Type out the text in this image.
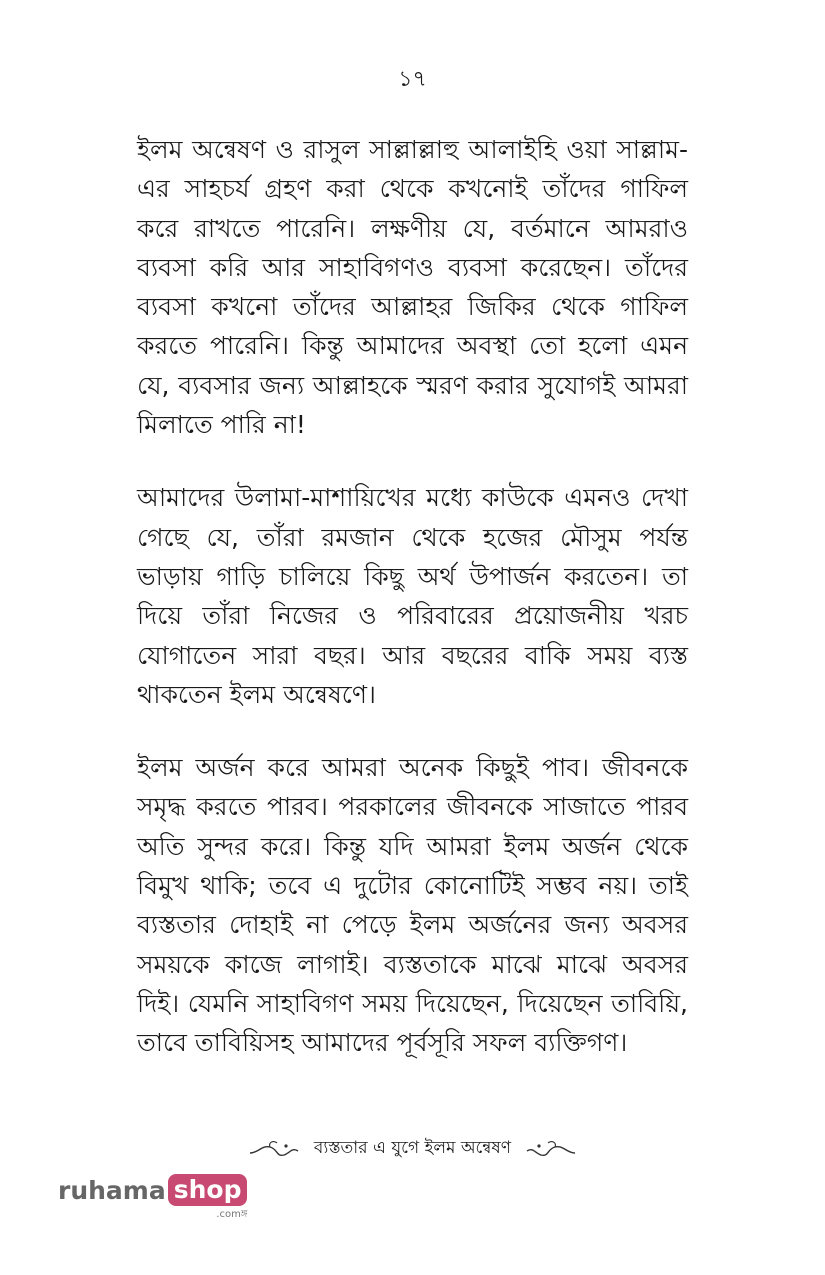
১৭

ইলম অন্বেষণ ও রাসুল সাল্লাল্লাহু আলাইহি ওয়া সাল্লাম-এর সাহচর্য গ্রহণ করা থেকে কখনোই তাঁদের গাফিল করে রাখতে পারেনি। লক্ষণীয় যে, বর্তমানে আমরাও ব্যবসা করি আর সাহাবিগণও ব্যবসা করেছেন। তাঁদের ব্যবসা কখনো তাঁদের আল্লাহর জিকির থেকে গাফিল করতে পারেনি। কিন্তু আমাদের অবস্থা তো হলো এমন যে, ব্যবসার জন্য আল্লাহকে স্মরণ করার সুযোগই আমরা মিলাতে পারি না!

আমাদের উলামা-মাশায়িখের মধ্যে কাউকে এমনও দেখা গেছে যে, তাঁরা রমজান থেকে হজের মৌসুম পর্যন্ত ভাড়ায় গাড়ি চালিয়ে কিছু অর্থ উপার্জন করতেন। তা দিয়ে তাঁরা নিজের ও পরিবারের প্রয়োজনীয় খরচ যোগাতেন সারা বছর। আর বছরের বাকি সময় ব্যস্ত থাকতেন ইলম অন্বেষণে।

ইলম অর্জন করে আমরা অনেক কিছুই পাব। জীবনকে সমৃদ্ধ করতে পারব। পরকালের জীবনকে সাজাতে পারব অতি সুন্দর করে। কিন্তু যদি আমরা ইলম অর্জন থেকে বিমুখ থাকি; তবে এ দুটোর কোনোটিই সম্ভব নয়। তাই ব্যস্ততার দোহাই না পেড়ে ইলম অর্জনের জন্য অবসর সময়কে কাজে লাগাই। ব্যস্ততাকে মাঝে মাঝে অবসর দিই। যেমনি সাহাবিগণ সময় দিয়েছেন, দিয়েছেন তাবিয়ি, তাবে তাবিয়িসহ আমাদের পূর্বসূরি সফল ব্যক্তিগণ।

ব্যস্ততার এ যুগে ইলম অন্বেষণ
ruhama shop
.comঙ্গ
